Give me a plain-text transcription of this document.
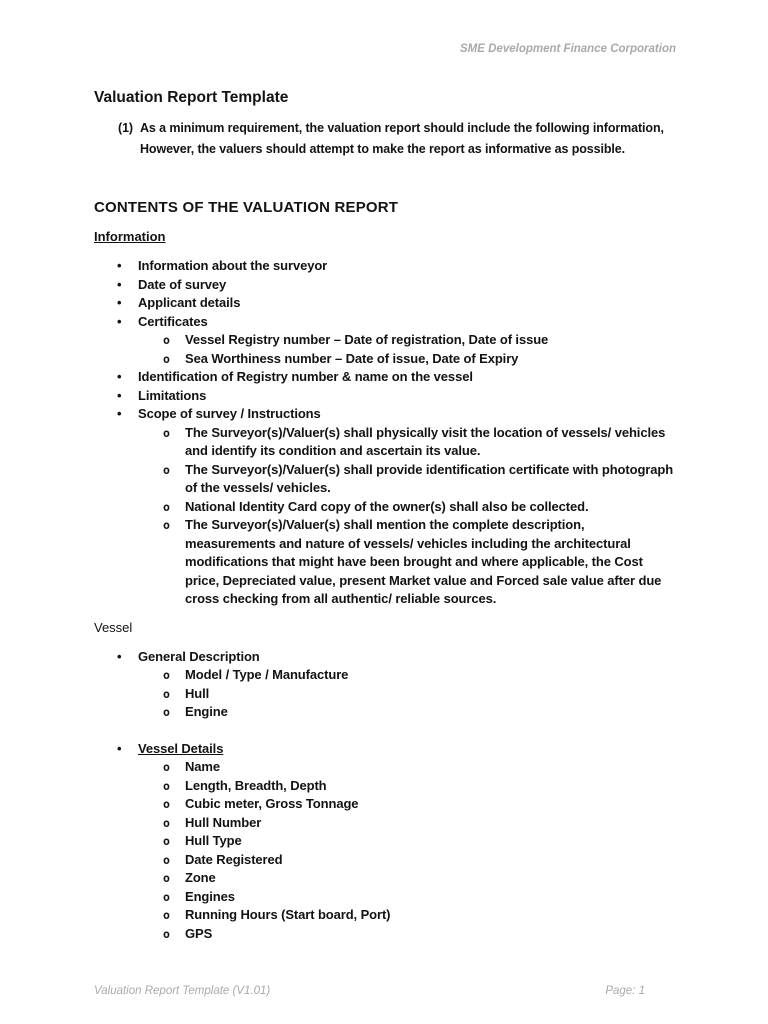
SME Development Finance Corporation
Valuation Report Template
(1) As a minimum requirement, the valuation report should include the following information, However, the valuers should attempt to make the report as informative as possible.
CONTENTS OF THE VALUATION REPORT
Information
• Information about the surveyor
• Date of survey
• Applicant details
• Certificates
o Vessel Registry number – Date of registration, Date of issue
o Sea Worthiness number – Date of issue, Date of Expiry
• Identification of Registry number & name on the vessel
• Limitations
• Scope of survey / Instructions
o The Surveyor(s)/Valuer(s) shall physically visit the location of vessels/ vehicles and identify its condition and ascertain its value.
o The Surveyor(s)/Valuer(s) shall provide identification certificate with photograph of the vessels/ vehicles.
o National Identity Card copy of the owner(s) shall also be collected.
o The Surveyor(s)/Valuer(s) shall mention the complete description, measurements and nature of vessels/ vehicles including the architectural modifications that might have been brought and where applicable, the Cost price, Depreciated value, present Market value and Forced sale value after due cross checking from all authentic/ reliable sources.
Vessel
• General Description
o Model / Type / Manufacture
o Hull
o Engine
• Vessel Details
o Name
o Length, Breadth, Depth
o Cubic meter, Gross Tonnage
o Hull Number
o Hull Type
o Date Registered
o Zone
o Engines
o Running Hours (Start board, Port)
o GPS
Valuation Report Template (V1.01)	Page: 1
